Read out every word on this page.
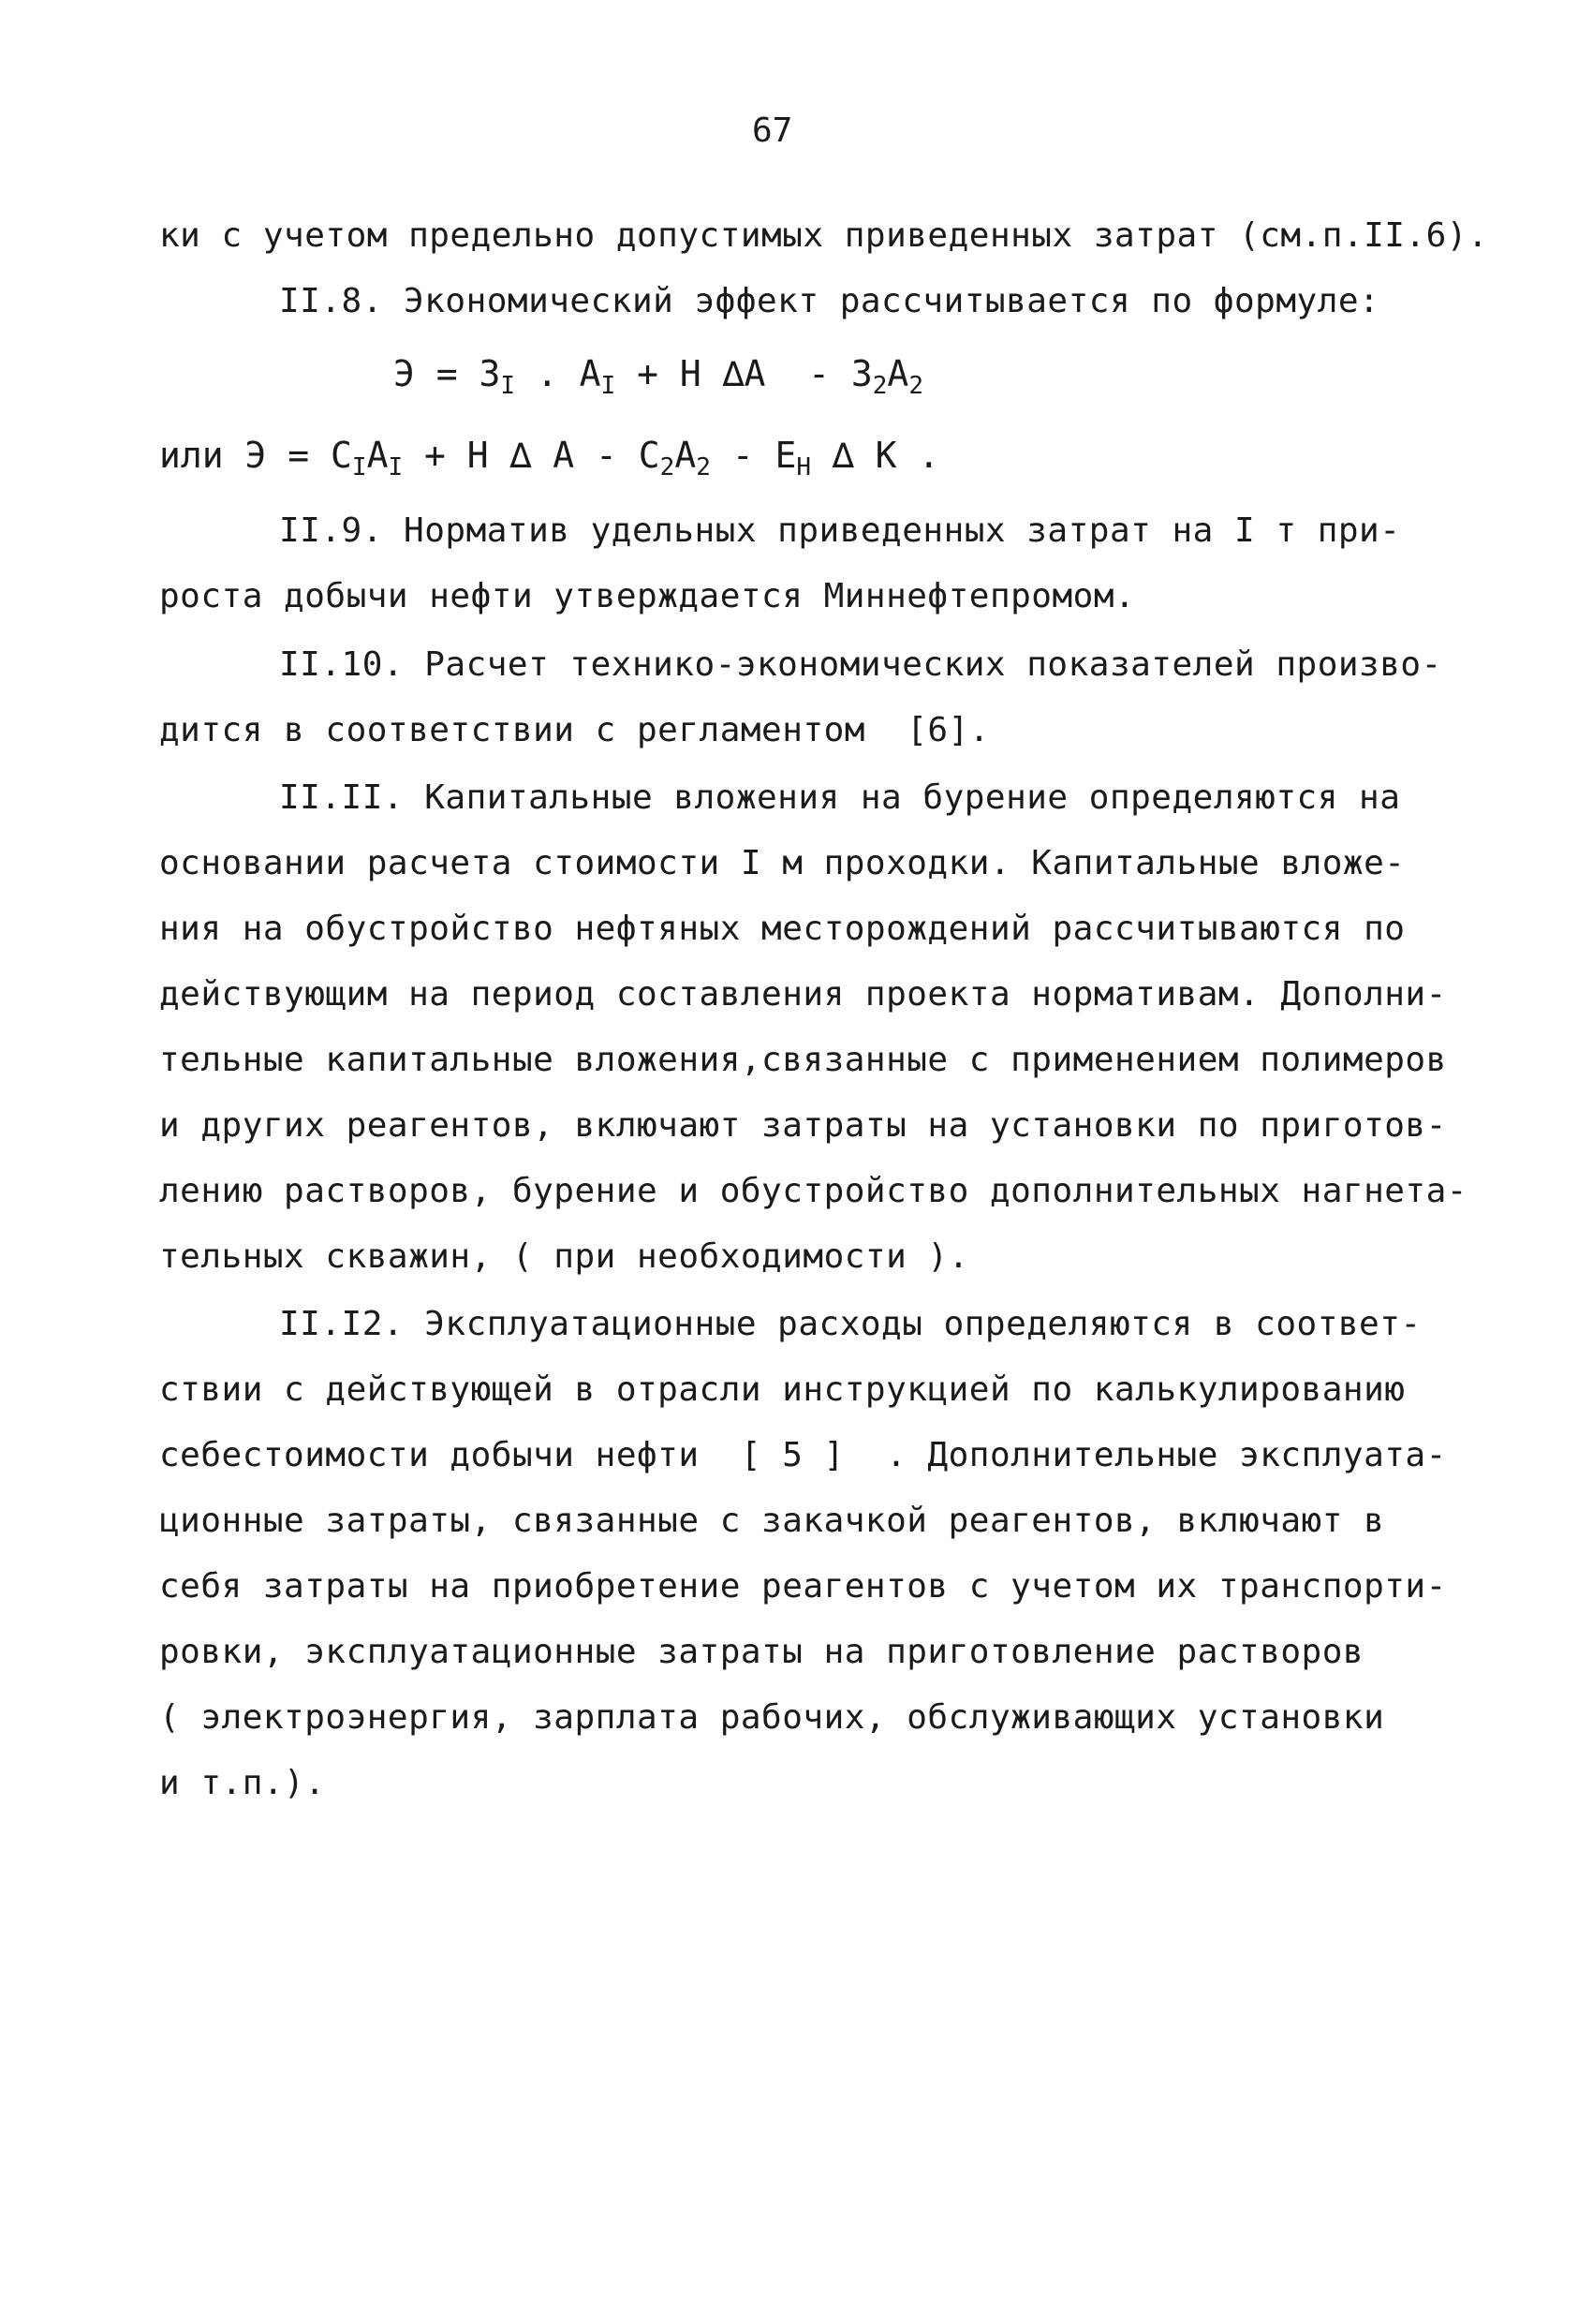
67
ки с учетом предельно допустимых приведенных затрат (см.п.II.6).
II.8. Экономический эффект рассчитывается по формуле:
$Э = З_I$ . $А_I + Н$ $\Delta А - З_2А_2$
или $Э = С_IА_I + Н$ ∆ А - $С_2А_2 - Е_Н$ ∆ К .
II.9. Норматив удельных приведенных затрат на I т при-
роста добычи нефти утверждается Миннефтепромом.
II.10. Расчет технико-экономических показателей произво-
дится в соответствии с регламентом  [6].
II.II. Капитальные вложения на бурение определяются на
основании расчета стоимости I м проходки. Капитальные вложе-
ния на обустройство нефтяных месторождений рассчитываются по
действующим на период составления проекта нормативам. Дополни-
тельные капитальные вложения,связанные с применением полимеров
и других реагентов, включают затраты на установки по приготов-
лению растворов, бурение и обустройство дополнительных нагнета-
тельных скважин, ( при необходимости ).
II.I2. Эксплуатационные расходы определяются в соответ-
ствии с действующей в отрасли инструкцией по калькулированию
себестоимости добычи нефти  [ 5 ]  . Дополнительные эксплуата-
ционные затраты, связанные с закачкой реагентов, включают в
себя затраты на приобретение реагентов с учетом их транспорти-
ровки, эксплуатационные затраты на приготовление растворов
( электроэнергия, зарплата рабочих, обслуживающих установки
и т.п.).
